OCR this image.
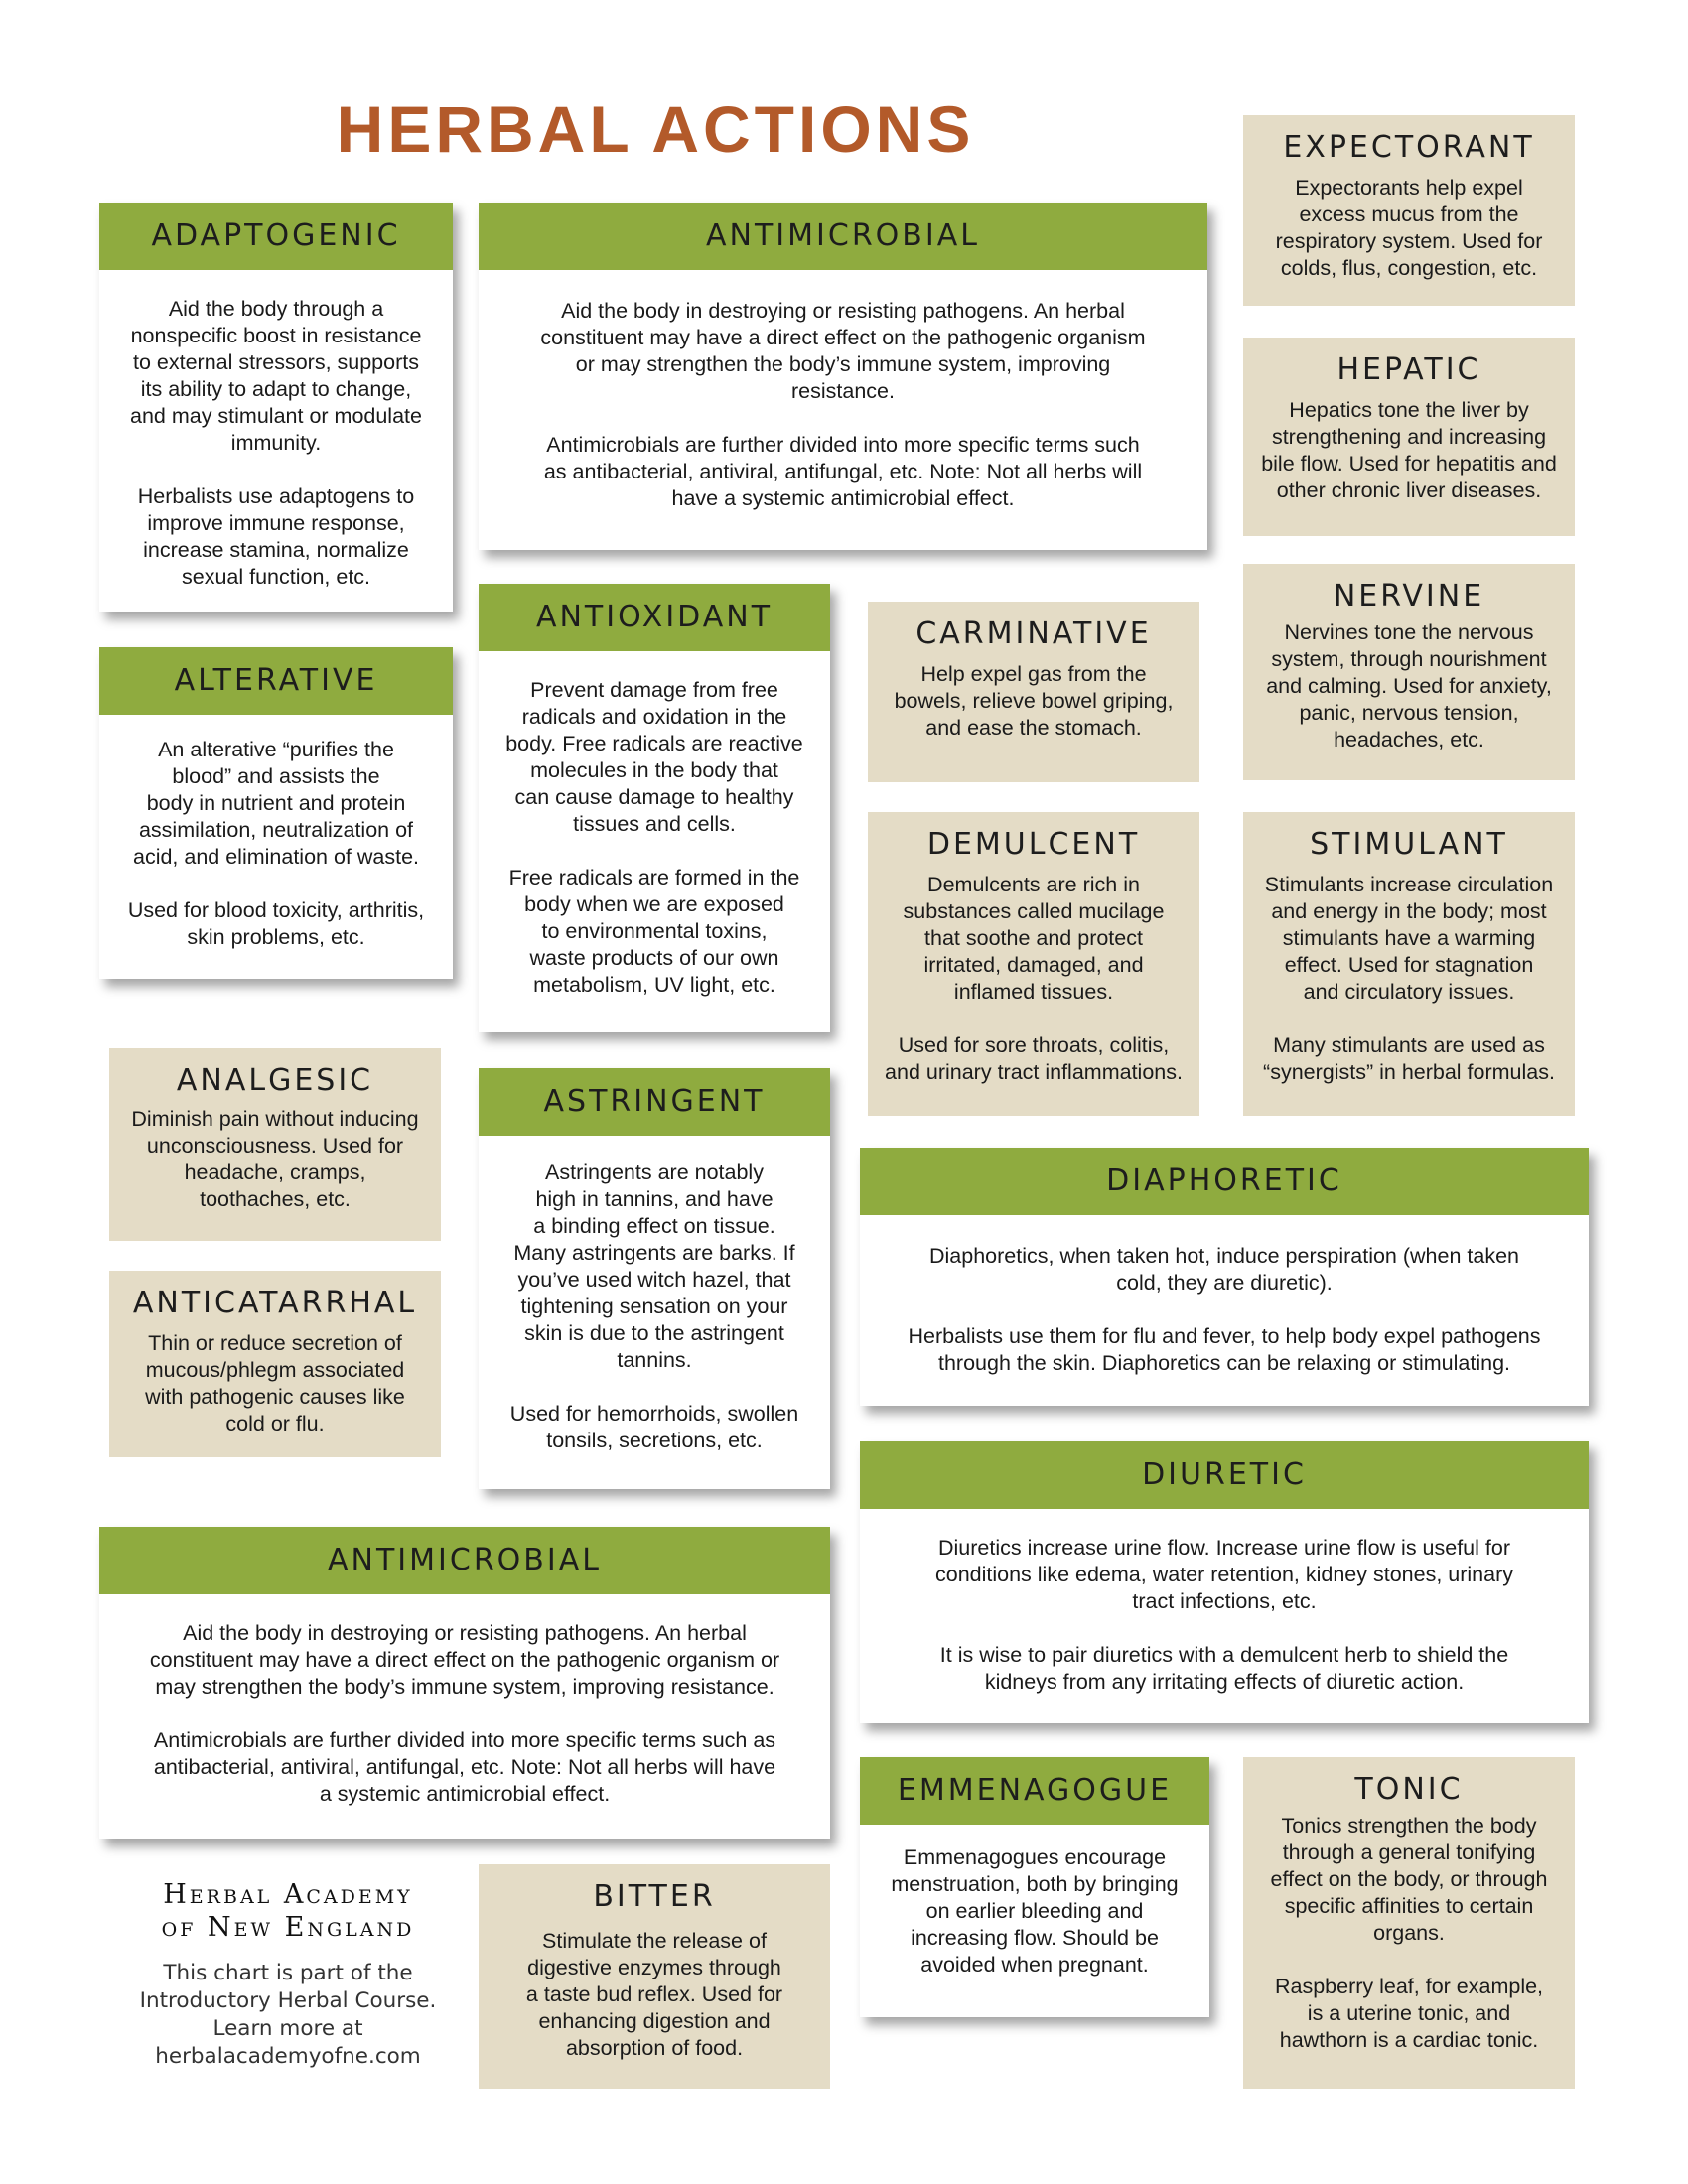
HERBAL ACTIONS
ADAPTOGENIC
Aid the body through a
nonspecific boost in resistance
to external stressors, supports
its ability to adapt to change,
and may stimulant or modulate
immunity.

Herbalists use adaptogens to
improve immune response,
increase stamina, normalize
sexual function, etc.
ANTIMICROBIAL
Aid the body in destroying or resisting pathogens. An herbal
constituent may have a direct effect on the pathogenic organism
or may strengthen the body’s immune system, improving
resistance.

Antimicrobials are further divided into more specific terms such
as antibacterial, antiviral, antifungal, etc. Note: Not all herbs will
have a systemic antimicrobial effect.
EXPECTORANT
Expectorants help expel
excess mucus from the
respiratory system. Used for
colds, flus, congestion, etc.
HEPATIC
Hepatics tone the liver by
strengthening and increasing
bile flow. Used for hepatitis and
other chronic liver diseases.
NERVINE
Nervines tone the nervous
system, through nourishment
and calming. Used for anxiety,
panic, nervous tension,
headaches, etc.
ALTERATIVE
An alterative “purifies the
blood” and assists the
body in nutrient and protein
assimilation, neutralization of
acid, and elimination of waste.

Used for blood toxicity, arthritis,
skin problems, etc.
ANTIOXIDANT
Prevent damage from free
radicals and oxidation in the
body. Free radicals are reactive
molecules in the body that
can cause damage to healthy
tissues and cells.

Free radicals are formed in the
body when we are exposed
to environmental toxins,
waste products of our own
metabolism, UV light, etc.
CARMINATIVE
Help expel gas from the
bowels, relieve bowel griping,
and ease the stomach.
DEMULCENT
Demulcents are rich in
substances called mucilage
that soothe and protect
irritated, damaged, and
inflamed tissues.

Used for sore throats, colitis,
and urinary tract inflammations.
STIMULANT
Stimulants increase circulation
and energy in the body; most
stimulants have a warming
effect. Used for stagnation
and circulatory issues.

Many stimulants are used as
“synergists” in herbal formulas.
ANALGESIC
Diminish pain without inducing
unconsciousness. Used for
headache, cramps,
toothaches, etc.
ASTRINGENT
Astringents are notably
high in tannins, and have
a binding effect on tissue.
Many astringents are barks. If
you’ve used witch hazel, that
tightening sensation on your
skin is due to the astringent
tannins.

Used for hemorrhoids, swollen
tonsils, secretions, etc.
DIAPHORETIC
Diaphoretics, when taken hot, induce perspiration (when taken
cold, they are diuretic).

Herbalists use them for flu and fever, to help body expel pathogens
through the skin. Diaphoretics can be relaxing or stimulating.
ANTICATARRHAL
Thin or reduce secretion of
mucous/phlegm associated
with pathogenic causes like
cold or flu.
DIURETIC
Diuretics increase urine flow. Increase urine flow is useful for
conditions like edema, water retention, kidney stones, urinary
tract infections, etc.

It is wise to pair diuretics with a demulcent herb to shield the
kidneys from any irritating effects of diuretic action.
ANTIMICROBIAL
Aid the body in destroying or resisting pathogens. An herbal
constituent may have a direct effect on the pathogenic organism or
may strengthen the body’s immune system, improving resistance.

Antimicrobials are further divided into more specific terms such as
antibacterial, antiviral, antifungal, etc. Note: Not all herbs will have
a systemic antimicrobial effect.	EMMENAGOGUE
Emmenagogues encourage
menstruation, both by bringing
on earlier bleeding and
increasing flow. Should be
avoided when pregnant.
TONIC
Tonics strengthen the body
through a general tonifying
effect on the body, or through
specific affinities to certain
organs.

Raspberry leaf, for example,
is a uterine tonic, and
hawthorn is a cardiac tonic.
BITTER
Stimulate the release of
digestive enzymes through
a taste bud reflex. Used for
enhancing digestion and
absorption of food.
Herbal Academy
of New England
This chart is part of the
Introductory Herbal Course.
Learn more at
herbalacademyofne.com
